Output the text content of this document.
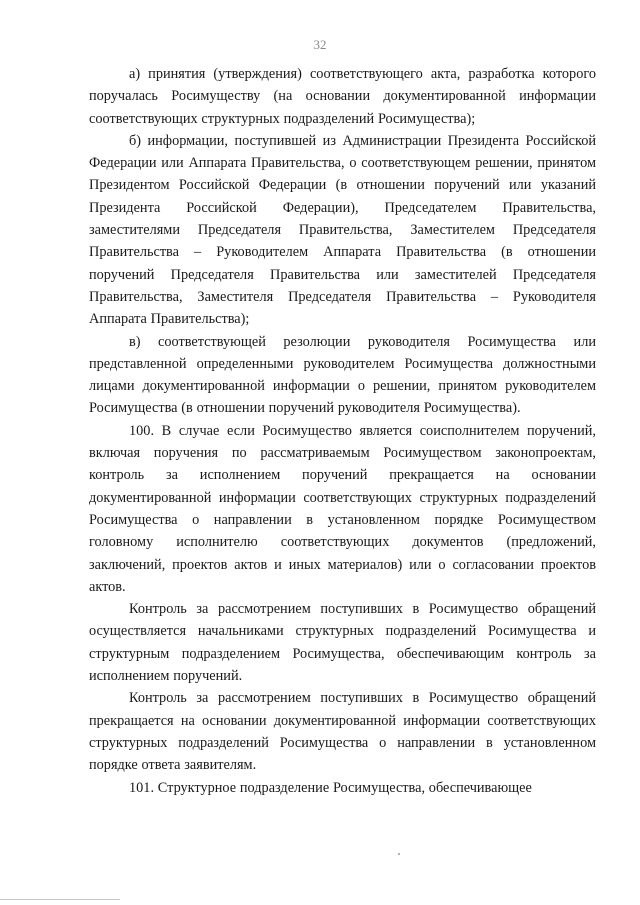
32

а) принятия (утверждения) соответствующего акта, разработка которого поручалась Росимуществу (на основании документированной информации соответствующих структурных подразделений Росимущества);

б) информации, поступившей из Администрации Президента Российской Федерации или Аппарата Правительства, о соответствующем решении, принятом Президентом Российской Федерации (в отношении поручений или указаний Президента Российской Федерации), Председателем Правительства, заместителями Председателя Правительства, Заместителем Председателя Правительства – Руководителем Аппарата Правительства (в отношении поручений Председателя Правительства или заместителей Председателя Правительства, Заместителя Председателя Правительства – Руководителя Аппарата Правительства);

в) соответствующей резолюции руководителя Росимущества или представленной определенными руководителем Росимущества должностными лицами документированной информации о решении, принятом руководителем Росимущества (в отношении поручений руководителя Росимущества).

100. В случае если Росимущество является соисполнителем поручений, включая поручения по рассматриваемым Росимуществом законопроектам, контроль за исполнением поручений прекращается на основании документированной информации соответствующих структурных подразделений Росимущества о направлении в установленном порядке Росимуществом головному исполнителю соответствующих документов (предложений, заключений, проектов актов и иных материалов) или о согласовании проектов актов.

Контроль за рассмотрением поступивших в Росимущество обращений осуществляется начальниками структурных подразделений Росимущества и структурным подразделением Росимущества, обеспечивающим контроль за исполнением поручений.

Контроль за рассмотрением поступивших в Росимущество обращений прекращается на основании документированной информации соответствующих структурных подразделений Росимущества о направлении в установленном порядке ответа заявителям.

101. Структурное подразделение Росимущества, обеспечивающее
